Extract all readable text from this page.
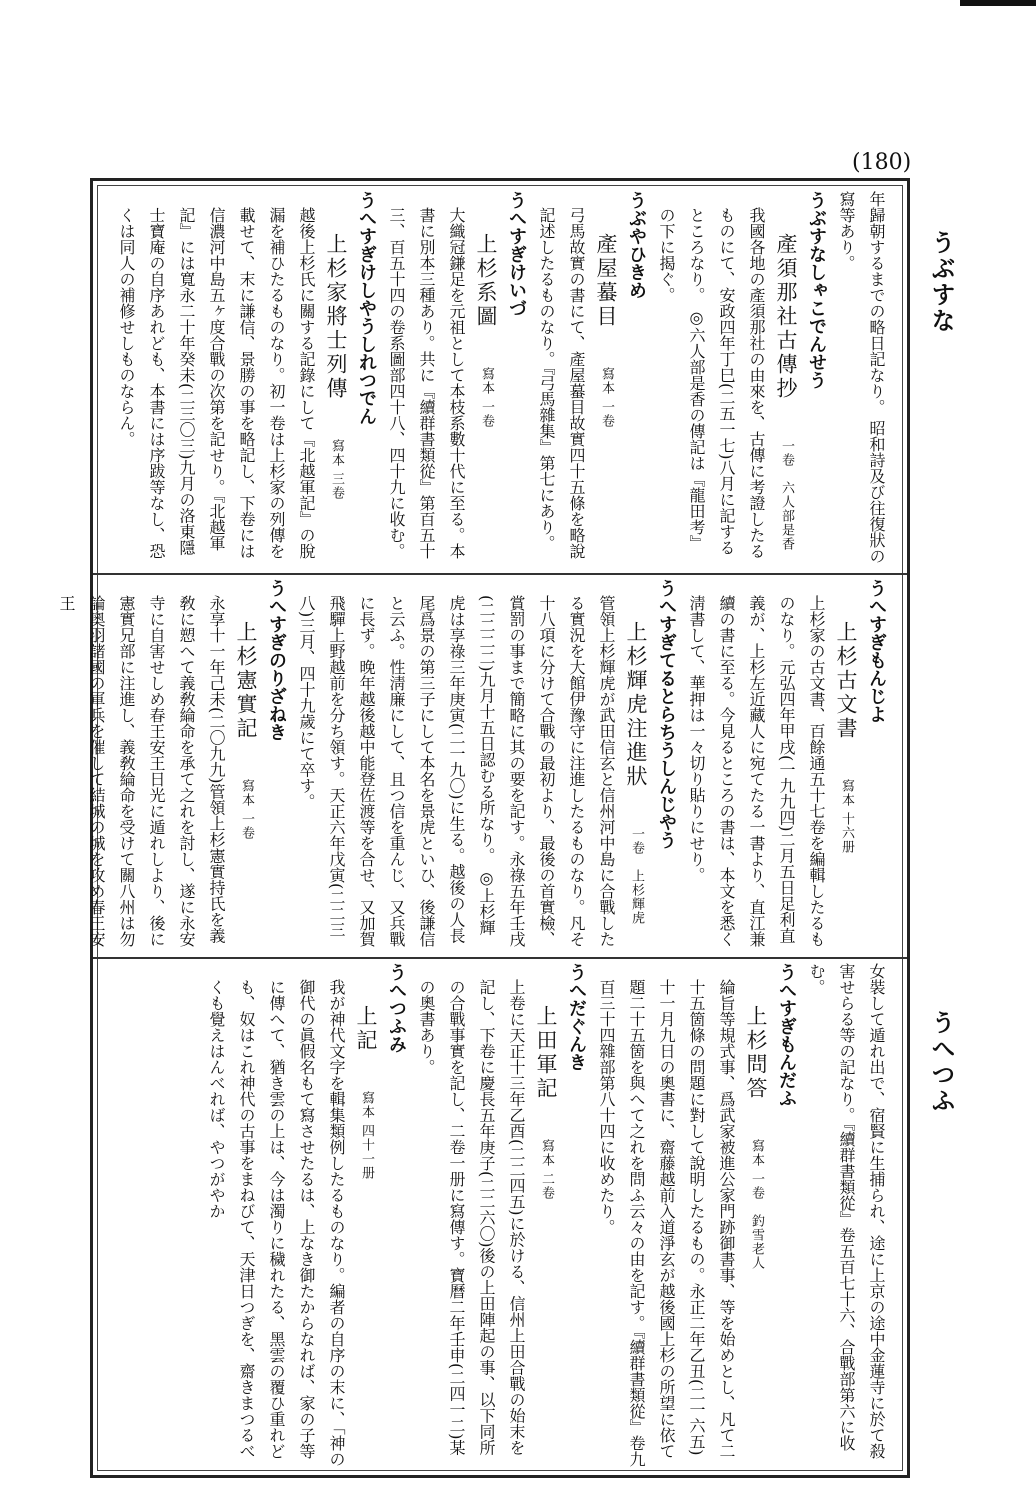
(180)
うぶすな
うへつふ

年歸朝するまでの略日記なり。 昭和詩及び往復狀の寫等あり。

うぶすなしゃこでんせう

產須那社古傳抄　一卷　六人部是香

我國各地の產須那社の由來を、古傳に考證したるものにて、安政四年丁巳(二五一七)八月に記するところなり。 ◎六人部是香の傳記は『龍田考』の下に揭ぐ。

うぶやひきめ

產屋蟇目　寫本 一卷

弓馬故實の書にて、產屋蟇目故實四十五條を略說記述したるものなり。『弓馬雜集』第七にあり。

うへすぎけいづ

上杉系圖　寫本 一卷

大織冠鎌足を元祖として本枝系數十代に至る。本書に別本三種あり。共に『續群書類從』第百五十三、百五十四の卷系圖部四十八、四十九に收む。

うへすぎけしやうしれつでん

上杉家將士列傳　寫本 三卷

越後上杉氏に關する記錄にして『北越軍記』の脫漏を補ひたるものなり。初一卷は上杉家の列傳を載せて、末に謙信、景勝の事を略記し、下卷には信濃河中島五ヶ度合戰の次第を記せり。『北越軍記』には寬永二十年癸未(二三〇三)九月の洛東隱士寶庵の自序あれども、本書には序跋等なし、恐くは同人の補修せしものならん。

うへすぎもんじよ

上杉古文書　寫本 十六册

上杉家の古文書、百餘通五十七卷を編輯したるものなり。元弘四年甲戌(一九九四)二月五日足利直義が、上杉左近藏人に宛てたる一書より、直江兼續の書に至る。今見るところの書は、本文を悉く淸書して、華押は一々切り貼りにせり。

うへすぎてるとらちうしんじやう

上杉輝虎注進狀　一卷　上杉輝虎

管領上杉輝虎が武田信玄と信州河中島に合戰したる實況を大館伊豫守に注進したるものなり。凡そ十八項に分けて合戰の最初より、最後の首實檢、賞罰の事まで簡略に其の要を記す。永祿五年壬戌(二二二二)九月十五日認むる所なり。 ◎上杉輝虎は享祿三年庚寅(二一九〇)に生る。越後の人長尾爲景の第三子にして本名を景虎といひ、後謙信と云ふ。性淸廉にして、且つ信を重んじ、又兵戰に長ず。晚年越後越中能登佐渡等を合せ、又加賀飛驒上野越前を分ち領す。天正六年戊寅(二二三八)三月、四十九歲にて卒す。

うへすぎのりざねき

上杉憲實記　寫本 一卷

永享十一年己未(二〇九九)管領上杉憲實持氏を義敎に愬へて義敎綸命を承て之れを討し、遂に永安寺に自害せしめ春王安王日光に遁れしより、後に憲實兄部に注進し、義敎綸命を受けて關八州は勿論奧羽諸國の軍兵を催して結城の城を攻め春王安王

女裝して遁れ出で、宿賢に生捕られ、途に上京の途中金蓮寺に於て殺害せらる等の記なり。『續群書類從』卷五百七十六、合戰部第六に收む。

うへすぎもんだふ

上杉問答　寫本 一卷　釣雪老人

綸旨等規式事、爲武家被進公家門跡御書事、等を始めとし、凡て二十五箇條の問題に對して說明したるもの。永正二年乙丑(二一六五)十一月九日の奧書に、齋藤越前入道淨玄が越後國上杉の所望に依て題二十五箇を與へて之れを問ふ云々の由を記す。『續群書類從』卷九百三十四雜部第八十四に收めたり。

うへだぐんき

上田軍記　寫本 二卷

上卷に天正十三年乙酉(二二四五)に於ける、信州上田合戰の始末を記し、下卷に慶長五年庚子(二二六〇)後の上田陣起の事、以下同所の合戰事實を記し、二卷一册に寫傳す。寶曆二年壬申(二四一二)某の奧書あり。

うへつふみ

上記　寫本 四十一册

我が神代文字を輯集類例したるものなり。編者の自序の末に、「神の御代の眞假名もて寫させたるは、上なき御たからなれば、家の子等に傳へて、猶き雲の上は、今は濁りに穢れたる、黑雲の覆ひ重れども、奴はこれ神代の古事をまねびて、天津日つぎを、齋きまつるべくも覺えはんべれば、やつがやか
